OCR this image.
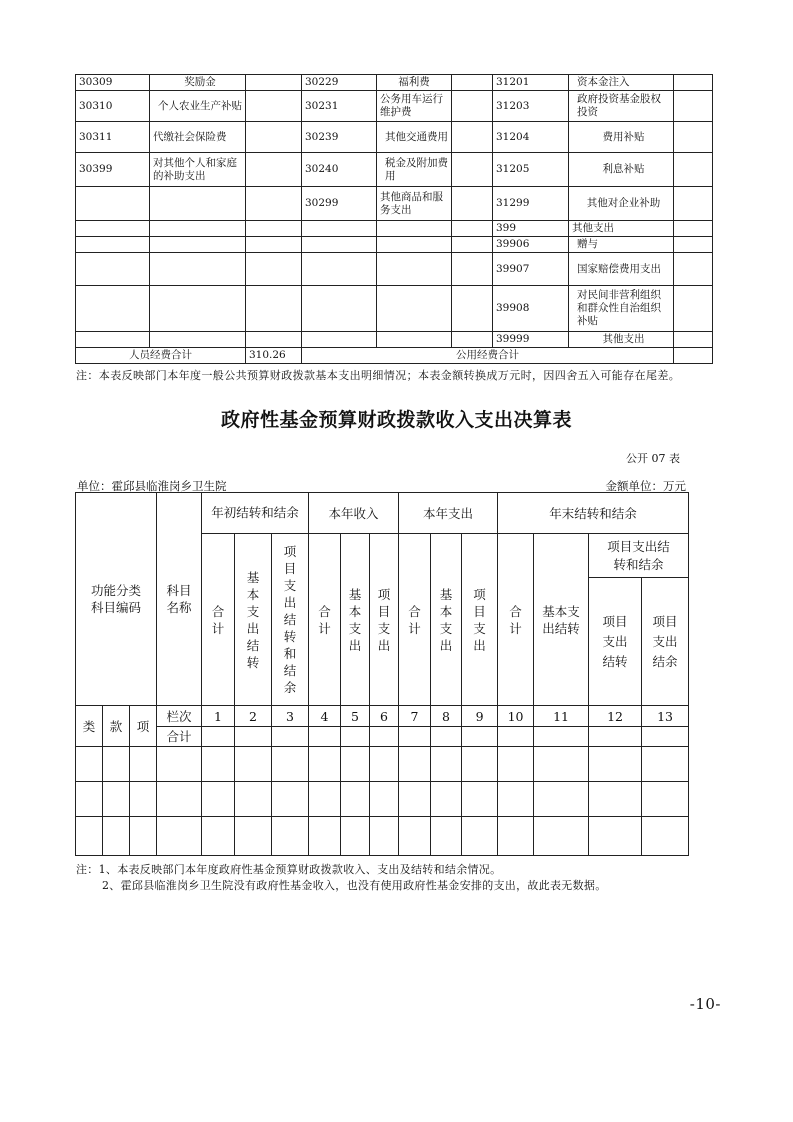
30309	奖励金		30229	福利费		31201	资本金注入	
30310	个人农业生产补贴		30231	公务用车运行维护费		31203	政府投资基金股权投资	
30311	代缴社会保险费		30239	其他交通费用		31204	费用补贴	
30399	对其他个人和家庭的补助支出		30240	税金及附加费用		31205	利息补贴	
			30299	其他商品和服务支出		31299	其他对企业补助	
						399	其他支出	
						39906	赠与	
						39907	国家赔偿费用支出	
						39908	对民间非营利组织和群众性自治组织补贴	
						39999	其他支出	
人员经费合计		310.26	公用经费合计					
注：本表反映部门本年度一般公共预算财政拨款基本支出明细情况；本表金额转换成万元时，因四舍五入可能存在尾差。
政府性基金预算财政拨款收入支出决算表
公开 07 表
单位：霍邱县临淮岗乡卫生院	金额单位：万元
功能分类科目编码			科目名称	年初结转和结余			本年收入			本年支出			年末结转和结余			
				合计	基本支出结转	项目支出结转和结余	合计	基本支出	项目支出	合计	基本支出	项目支出	合计	基本支出结转	项目支出结转和结余	
															项目支出结转	项目支出结余
类	款	项	栏次	1	2	3	4	5	6	7	8	9	10	11	12	13
			合计													

注：1、本表反映部门本年度政府性基金预算财政拨款收入、支出及结转和结余情况。
2、霍邱县临淮岗乡卫生院没有政府性基金收入，也没有使用政府性基金安排的支出，故此表无数据。
-10-
